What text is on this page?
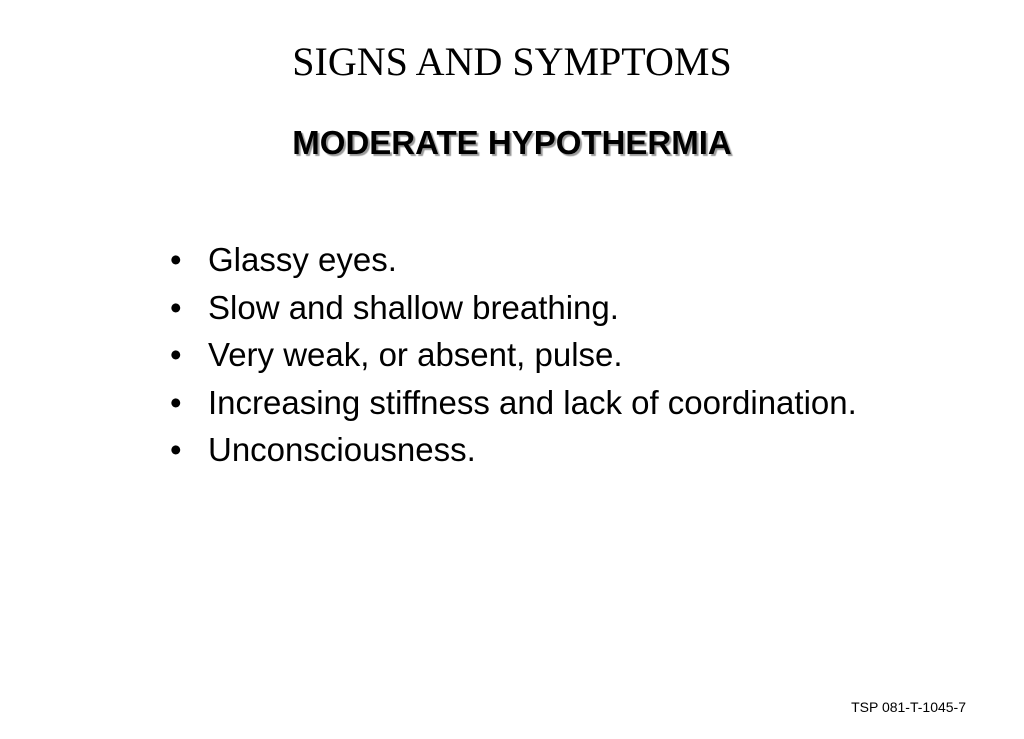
SIGNS AND SYMPTOMS
MODERATE HYPOTHERMIA
• Glassy eyes.
• Slow and shallow breathing.
• Very weak, or absent, pulse.
• Increasing stiffness and lack of coordination.
• Unconsciousness.
TSP 081-T-1045-7
